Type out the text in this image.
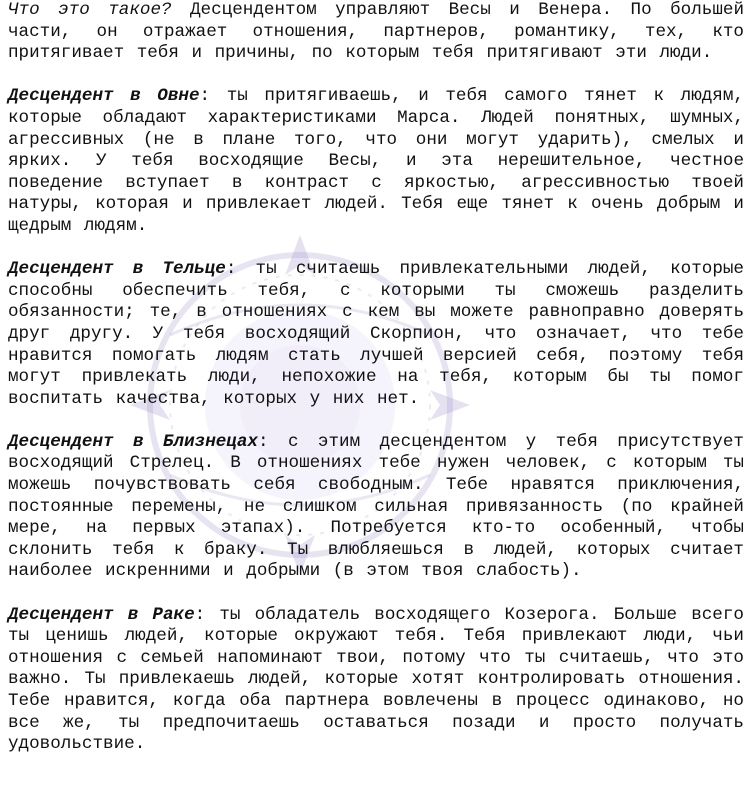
Что это такое? Десцендентом управляют Весы и Венера. По большей части, он отражает отношения, партнеров, романтику, тех, кто притягивает тебя и причины, по которым тебя притягивают эти люди.

Десцендент в Овне: ты притягиваешь, и тебя самого тянет к людям, которые обладают характеристиками Марса. Людей понятных, шумных, агрессивных (не в плане того, что они могут ударить), смелых и ярких. У тебя восходящие Весы, и эта нерешительное, честное поведение вступает в контраст с яркостью, агрессивностью твоей натуры, которая и привлекает людей. Тебя еще тянет к очень добрым и щедрым людям.

Десцендент в Тельце: ты считаешь привлекательными людей, которые способны обеспечить тебя, с которыми ты сможешь разделить обязанности; те, в отношениях с кем вы можете равноправно доверять друг другу. У тебя восходящий Скорпион, что означает, что тебе нравится помогать людям стать лучшей версией себя, поэтому тебя могут привлекать люди, непохожие на тебя, которым бы ты помог воспитать качества, которых у них нет.

Десцендент в Близнецах: с этим десцендентом у тебя присутствует восходящий Стрелец. В отношениях тебе нужен человек, с которым ты можешь почувствовать себя свободным. Тебе нравятся приключения, постоянные перемены, не слишком сильная привязанность (по крайней мере, на первых этапах). Потребуется кто-то особенный, чтобы склонить тебя к браку. Ты влюбляешься в людей, которых считает наиболее искренними и добрыми (в этом твоя слабость).

Десцендент в Раке: ты обладатель восходящего Козерога. Больше всего ты ценишь людей, которые окружают тебя. Тебя привлекают люди, чьи отношения с семьей напоминают твои, потому что ты считаешь, что это важно. Ты привлекаешь людей, которые хотят контролировать отношения. Тебе нравится, когда оба партнера вовлечены в процесс одинаково, но все же, ты предпочитаешь оставаться позади и просто получать удовольствие.
